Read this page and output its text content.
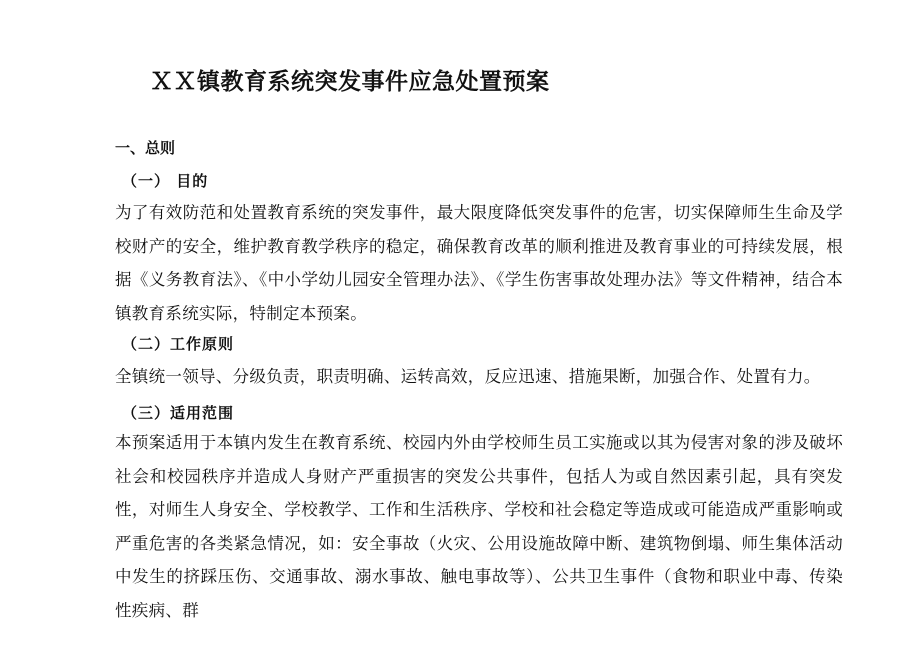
ＸＸ镇教育系统突发事件应急处置预案
一、总则
（一） 目的
为了有效防范和处置教育系统的突发事件，最大限度降低突发事件的危害，切实保障师生生命及学校财产的安全，维护教育教学秩序的稳定，确保教育改革的顺利推进及教育事业的可持续发展，根据《义务教育法》、《中小学幼儿园安全管理办法》、《学生伤害事故处理办法》等文件精神，结合本镇教育系统实际，特制定本预案。
（二）工作原则
全镇统一领导、分级负责，职责明确、运转高效，反应迅速、措施果断，加强合作、处置有力。
（三）适用范围
本预案适用于本镇内发生在教育系统、校园内外由学校师生员工实施或以其为侵害对象的涉及破坏社会和校园秩序并造成人身财产严重损害的突发公共事件，包括人为或自然因素引起，具有突发性，对师生人身安全、学校教学、工作和生活秩序、学校和社会稳定等造成或可能造成严重影响或严重危害的各类紧急情况，如：安全事故（火灾、公用设施故障中断、建筑物倒塌、师生集体活动中发生的挤踩压伤、交通事故、溺水事故、触电事故等）、公共卫生事件（食物和职业中毒、传染性疾病、群
